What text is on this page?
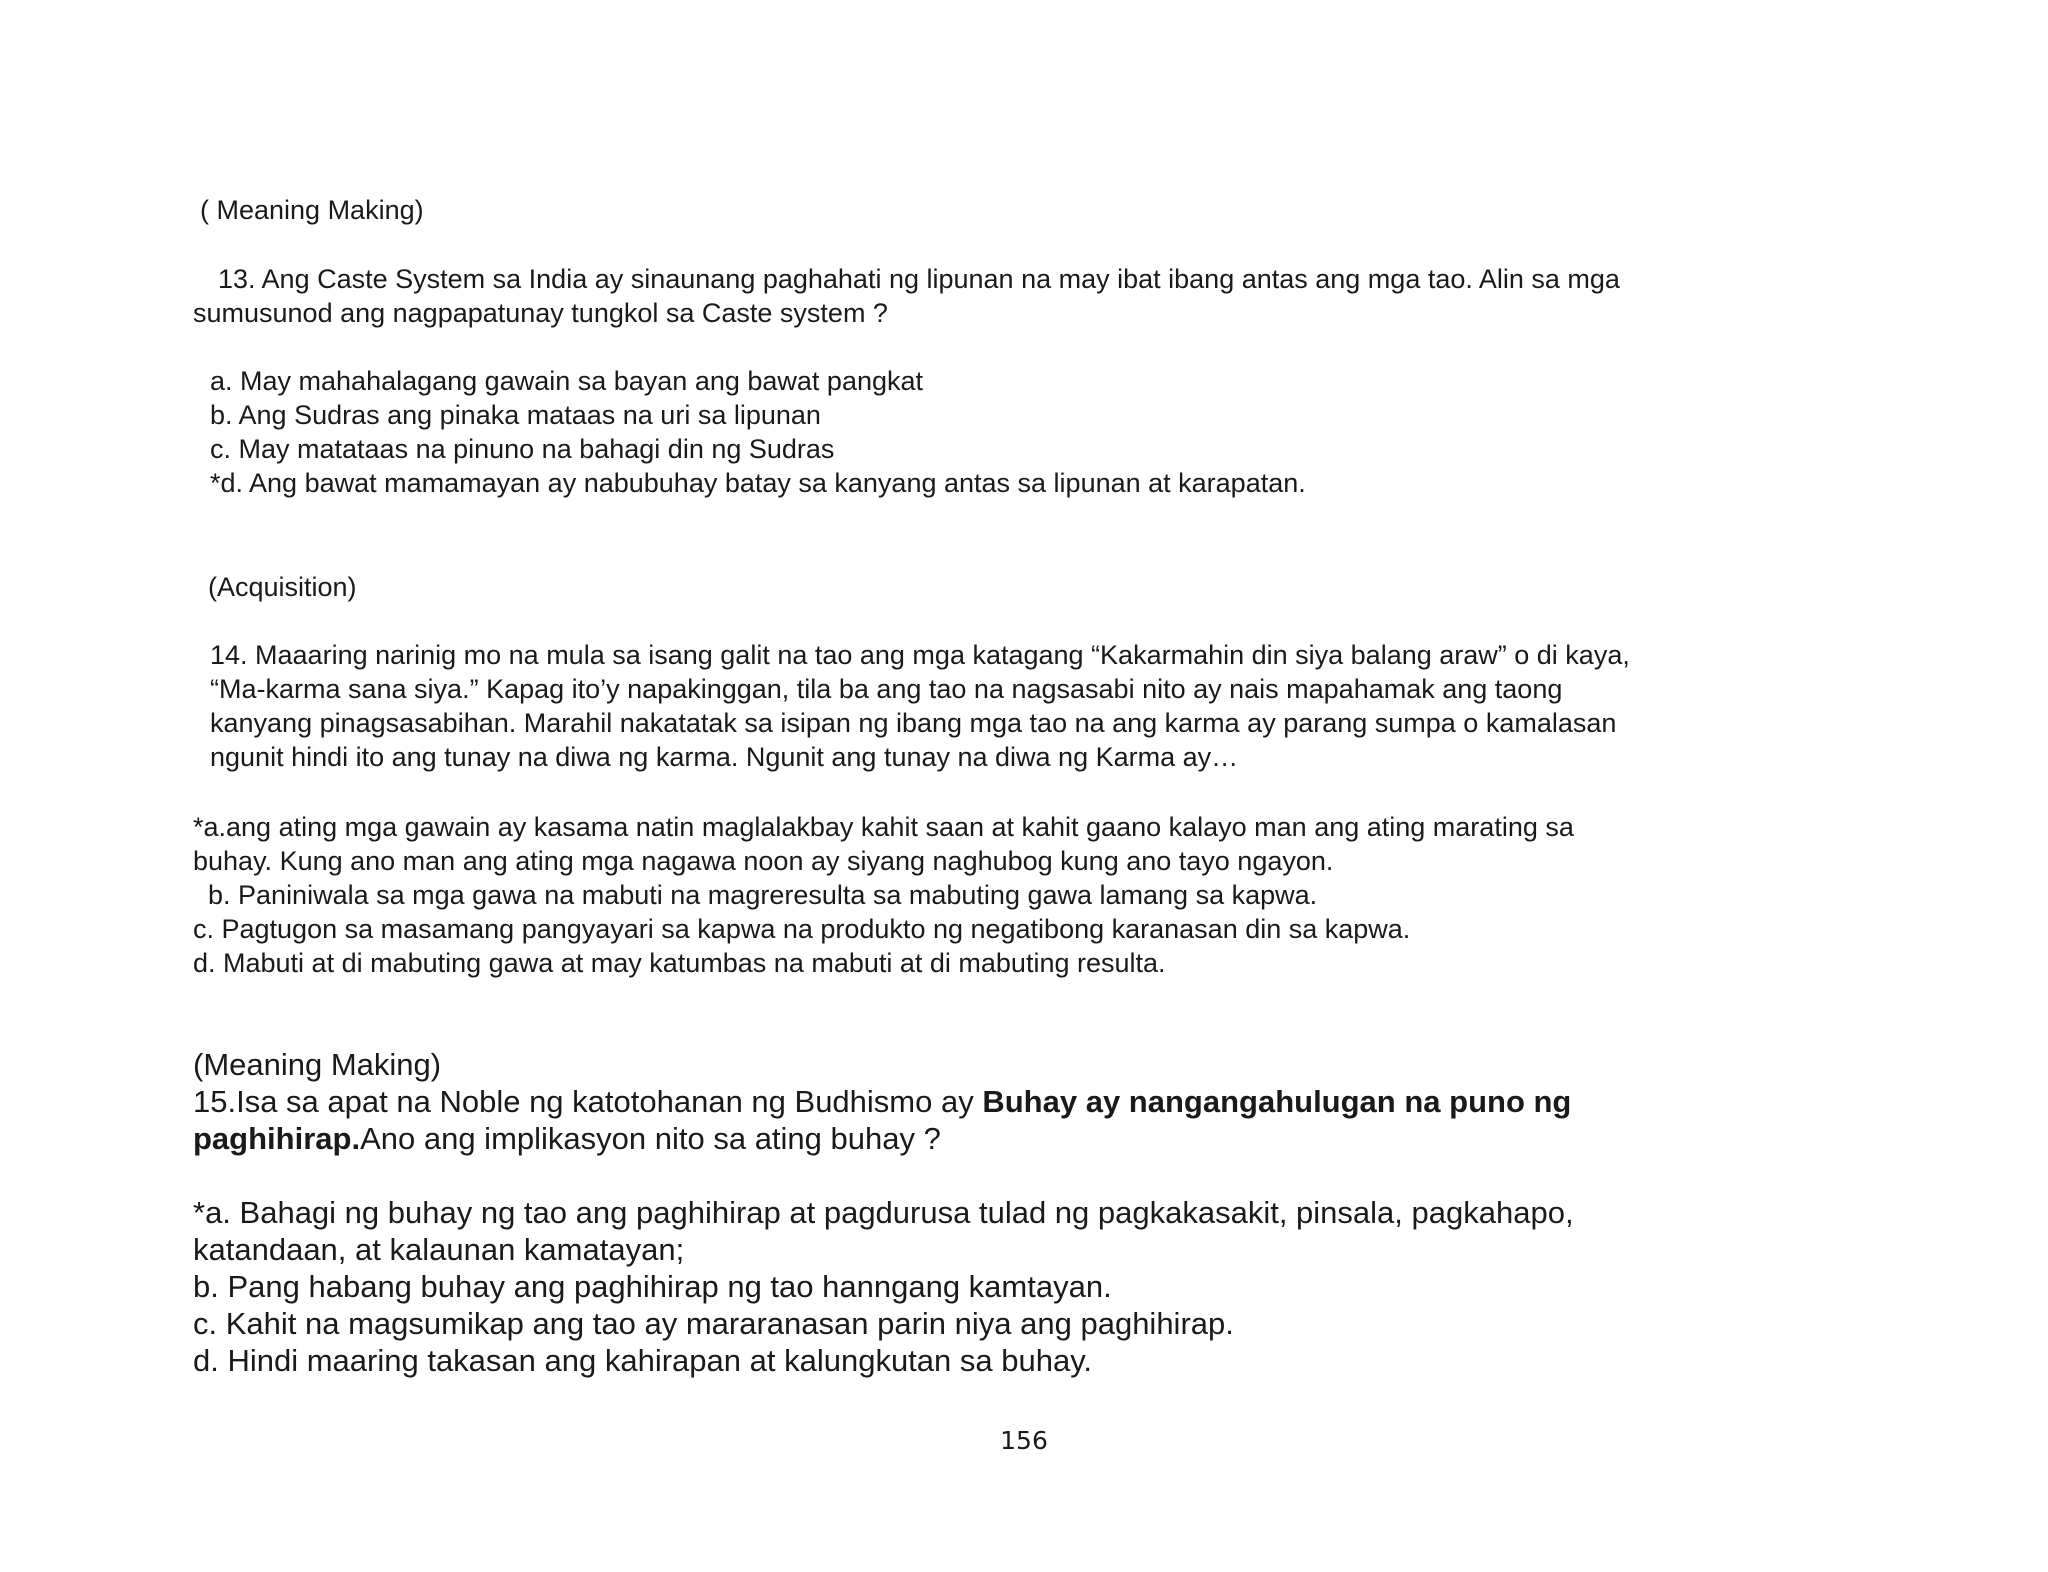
( Meaning Making)
13. Ang Caste System sa India ay sinaunang paghahati ng lipunan na may ibat ibang antas ang mga tao. Alin sa mga
sumusunod ang nagpapatunay tungkol sa Caste system ?
a. May mahahalagang gawain sa bayan ang bawat pangkat
b. Ang Sudras ang pinaka mataas na uri sa lipunan
c. May matataas na pinuno na bahagi din ng Sudras
*d. Ang bawat mamamayan ay nabubuhay batay sa kanyang antas sa lipunan at karapatan.
(Acquisition)
14. Maaaring narinig mo na mula sa isang galit na tao ang mga katagang “Kakarmahin din siya balang araw” o di kaya,
“Ma-karma sana siya.” Kapag ito’y napakinggan, tila ba ang tao na nagsasabi nito ay nais mapahamak ang taong
kanyang pinagsasabihan. Marahil nakatatak sa isipan ng ibang mga tao na ang karma ay parang sumpa o kamalasan
ngunit hindi ito ang tunay na diwa ng karma. Ngunit ang tunay na diwa ng Karma ay…
*a.ang ating mga gawain ay kasama natin maglalakbay kahit saan at kahit gaano kalayo man ang ating marating sa
buhay. Kung ano man ang ating mga nagawa noon ay siyang naghubog kung ano tayo ngayon.
b. Paniniwala sa mga gawa na mabuti na magreresulta sa mabuting gawa lamang sa kapwa.
c. Pagtugon sa masamang pangyayari sa kapwa na produkto ng negatibong karanasan din sa kapwa.
d. Mabuti at di mabuting gawa at may katumbas na mabuti at di mabuting resulta.
(Meaning Making)
15.Isa sa apat na Noble ng katotohanan ng Budhismo ay Buhay ay nangangahulugan na puno ng
paghihirap.Ano ang implikasyon nito sa ating buhay ?
*a. Bahagi ng buhay ng tao ang paghihirap at pagdurusa tulad ng pagkakasakit, pinsala, pagkahapo,
katandaan, at kalaunan kamatayan;
b. Pang habang buhay ang paghihirap ng tao hanngang kamtayan.
c. Kahit na magsumikap ang tao ay mararanasan parin niya ang paghihirap.
d. Hindi maaring takasan ang kahirapan at kalungkutan sa buhay.
156
